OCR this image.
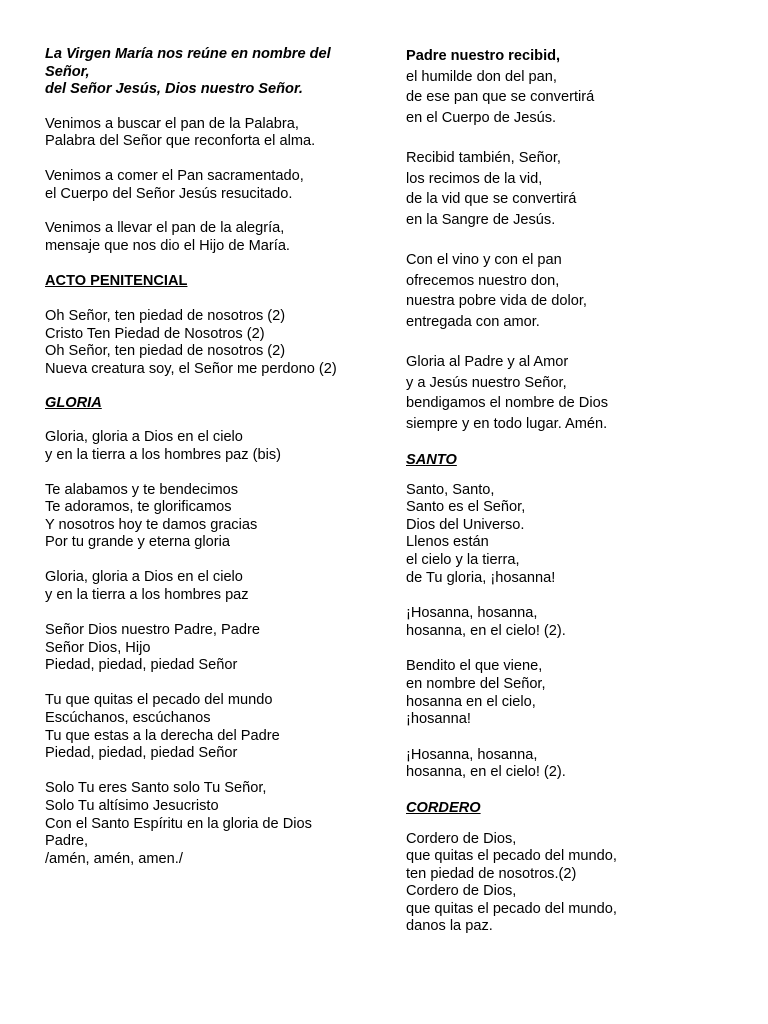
La Virgen María nos reúne en nombre del
Señor,
del Señor Jesús, Dios nuestro Señor.
Venimos a buscar el pan de la Palabra,
Palabra del Señor que reconforta el alma.
Venimos a comer el Pan sacramentado,
el Cuerpo del Señor Jesús resucitado.
Venimos a llevar el pan de la alegría,
mensaje que nos dio el Hijo de María.
ACTO PENITENCIAL
Oh Señor, ten piedad de nosotros (2)
Cristo Ten Piedad de Nosotros (2)
Oh Señor, ten piedad de nosotros (2)
Nueva creatura soy, el Señor me perdono (2)
GLORIA
Gloria, gloria a Dios en el cielo
y en la tierra a los hombres paz (bis)
Te alabamos y te bendecimos
Te adoramos, te glorificamos
Y nosotros hoy te damos gracias
Por tu grande y eterna gloria
Gloria, gloria a Dios en el cielo
y en la tierra a los hombres paz
Señor Dios nuestro Padre, Padre
Señor Dios, Hijo
Piedad, piedad, piedad Señor
Tu que quitas el pecado del mundo
Escúchanos, escúchanos
Tu que estas a la derecha del Padre
Piedad, piedad, piedad Señor
Solo Tu eres Santo solo Tu Señor,
Solo Tu altísimo Jesucristo
Con el Santo Espíritu en la gloria de Dios
Padre,
/amén, amén, amen./
Padre nuestro recibid,
el humilde don del pan,
de ese pan que se convertirá
en el Cuerpo de Jesús.
Recibid también, Señor,
los recimos de la vid,
de la vid que se convertirá
en la Sangre de Jesús.
Con el vino y con el pan
ofrecemos nuestro don,
nuestra pobre vida de dolor,
entregada con amor.
Gloria al Padre y al Amor
y a Jesús nuestro Señor,
bendigamos el nombre de Dios
siempre y en todo lugar. Amén.
SANTO
Santo, Santo,
Santo es el Señor,
Dios del Universo.
Llenos están
el cielo y la tierra,
de Tu gloria, ¡hosanna!
¡Hosanna, hosanna,
hosanna, en el cielo! (2).
Bendito el que viene,
en nombre del Señor,
hosanna en el cielo,
¡hosanna!
¡Hosanna, hosanna,
hosanna, en el cielo! (2).
CORDERO
Cordero de Dios,
que quitas el pecado del mundo,
ten piedad de nosotros.(2)
Cordero de Dios,
que quitas el pecado del mundo,
danos la paz.
